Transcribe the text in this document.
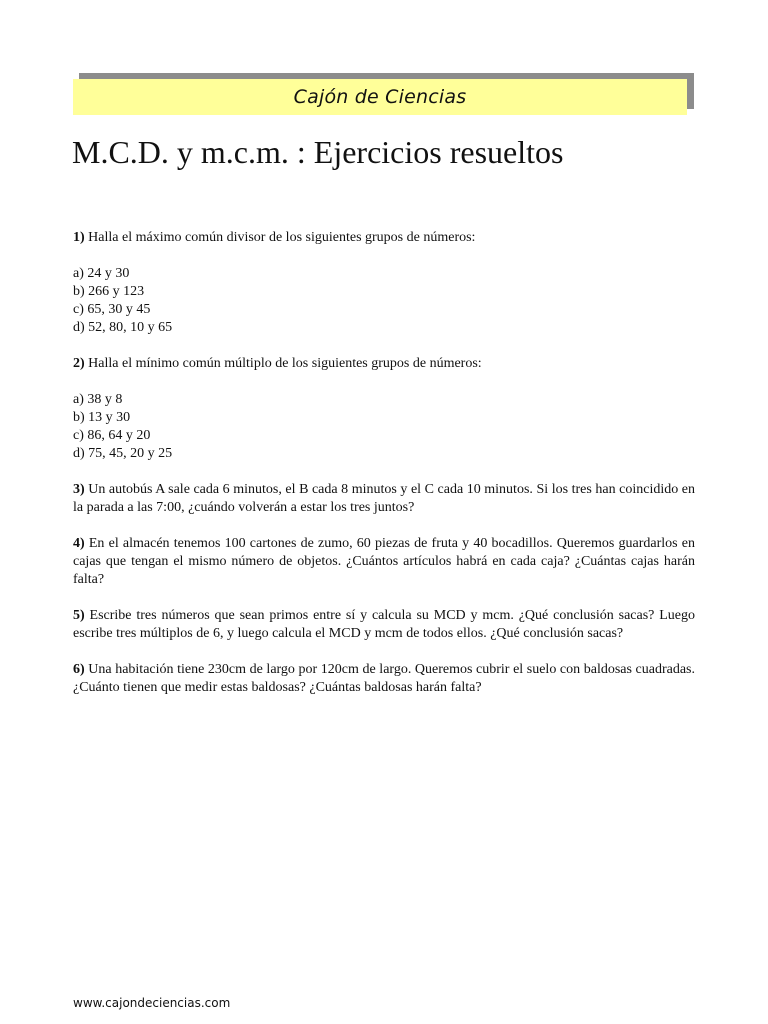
Cajón de Ciencias
M.C.D. y m.c.m. : Ejercicios resueltos

1) Halla el máximo común divisor de los siguientes grupos de números:

a) 24 y 30
b) 266 y 123
c) 65, 30 y 45
d) 52, 80, 10 y 65

2) Halla el mínimo común múltiplo de los siguientes grupos de números:

a) 38 y 8
b) 13 y 30
c) 86, 64 y 20
d) 75, 45, 20 y 25

3) Un autobús A sale cada 6 minutos, el B cada 8 minutos y el C cada 10 minutos. Si los tres han coincidido en la parada a las 7:00, ¿cuándo volverán a estar los tres juntos?

4) En el almacén tenemos 100 cartones de zumo, 60 piezas de fruta y 40 bocadillos. Queremos guardarlos en cajas que tengan el mismo número de objetos. ¿Cuántos artículos habrá en cada caja? ¿Cuántas cajas harán falta?

5) Escribe tres números que sean primos entre sí y calcula su MCD y mcm. ¿Qué conclusión sacas? Luego escribe tres múltiplos de 6, y luego calcula el MCD y mcm de todos ellos. ¿Qué conclusión sacas?

6) Una habitación tiene 230cm de largo por 120cm de largo. Queremos cubrir el suelo con baldosas cuadradas. ¿Cuánto tienen que medir estas baldosas? ¿Cuántas baldosas harán falta?

www.cajondeciencias.com
